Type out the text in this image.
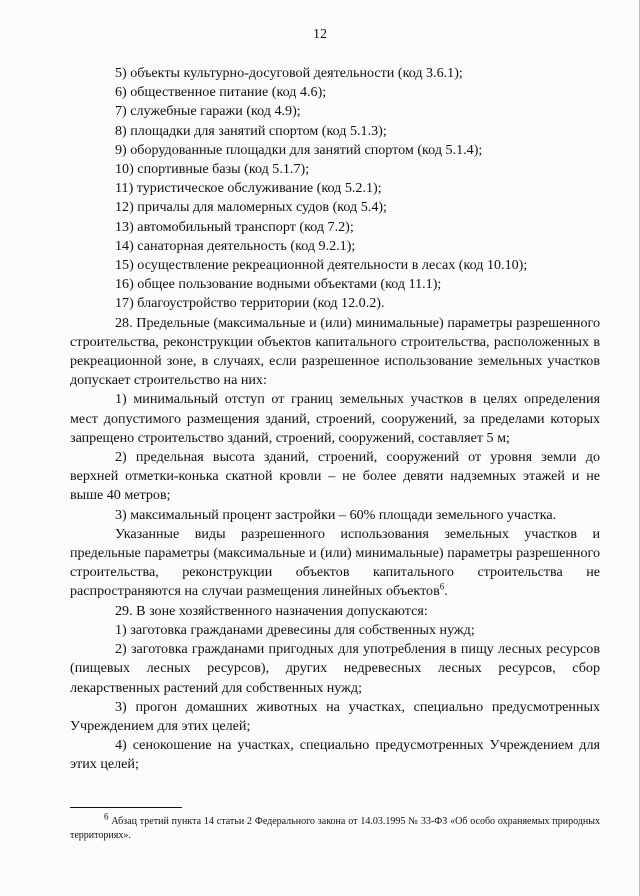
12
5) объекты культурно-досуговой деятельности (код 3.6.1);
6) общественное питание (код 4.6);
7) служебные гаражи (код 4.9);
8) площадки для занятий спортом (код 5.1.3);
9) оборудованные площадки для занятий спортом (код 5.1.4);
10) спортивные базы (код 5.1.7);
11) туристическое обслуживание (код 5.2.1);
12) причалы для маломерных судов (код 5.4);
13) автомобильный транспорт (код 7.2);
14) санаторная деятельность (код 9.2.1);
15) осуществление рекреационной деятельности в лесах (код 10.10);
16) общее пользование водными объектами (код 11.1);
17) благоустройство территории (код 12.0.2).
28. Предельные (максимальные и (или) минимальные) параметры разрешенного строительства, реконструкции объектов капитального строительства, расположенных в рекреационной зоне, в случаях, если разрешенное использование земельных участков допускает строительство на них:
1) минимальный отступ от границ земельных участков в целях определения мест допустимого размещения зданий, строений, сооружений, за пределами которых запрещено строительство зданий, строений, сооружений, составляет 5 м;
2) предельная высота зданий, строений, сооружений от уровня земли до верхней отметки-конька скатной кровли – не более девяти надземных этажей и не выше 40 метров;
3) максимальный процент застройки – 60% площади земельного участка.
Указанные виды разрешенного использования земельных участков и предельные параметры (максимальные и (или) минимальные) параметры разрешенного строительства, реконструкции объектов капитального строительства не распространяются на случаи размещения линейных объектов$^6$.
29. В зоне хозяйственного назначения допускаются:
1) заготовка гражданами древесины для собственных нужд;
2) заготовка гражданами пригодных для употребления в пищу лесных ресурсов (пищевых лесных ресурсов), других недревесных лесных ресурсов, сбор лекарственных растений для собственных нужд;
3) прогон домашних животных на участках, специально предусмотренных Учреждением для этих целей;
4) сенокошение на участках, специально предусмотренных Учреждением для этих целей;
$^6$ Абзац третий пункта 14 статьи 2 Федерального закона от 14.03.1995 № 33-ФЗ «Об особо охраняемых природных территориях».
